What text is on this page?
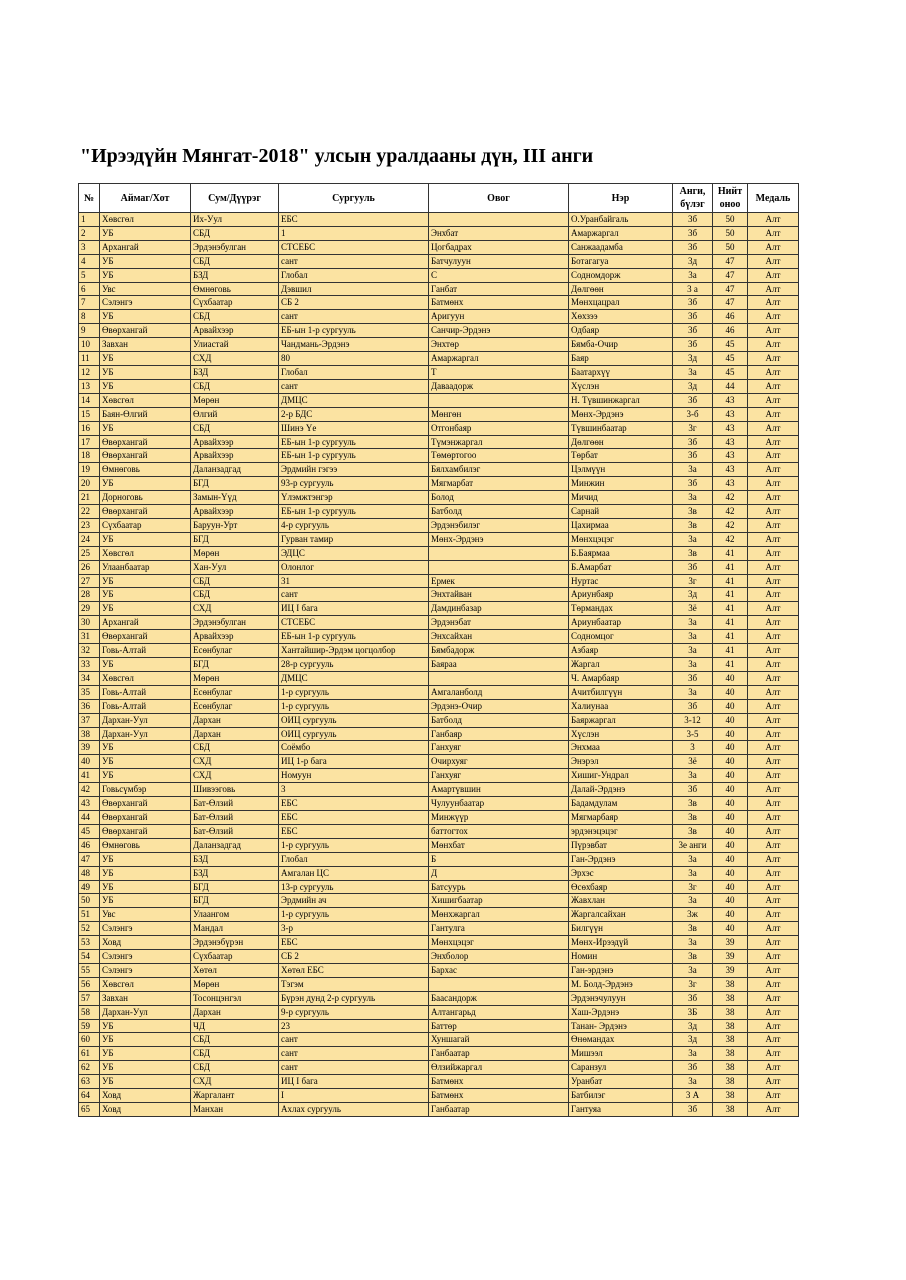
"Ирээдүйн Мянгат-2018" улсын уралдааны дүн, III анги
№	Аймаг/Хот	Сум/Дүүрэг	Сургууль	Овог	Нэр	Анги, бүлэг	Нийт оноо	Медаль
1	Хөвсгөл	Их-Уул	ЕБС		О.Уранбайгаль	3б	50	Алт
2	УБ	СБД	1	Энхбат	Амаржаргал	3б	50	Алт
3	Архангай	Эрдэнэбулган	СТСЕБС	Цогбадрах	Санжаадамба	3б	50	Алт
4	УБ	СБД	сант	Батчулуун	Ботагагуа	3д	47	Алт
5	УБ	БЗД	Глобал	С	Содномдорж	3а	47	Алт
6	Увс	Өмнөговь	Дэвшил	Ганбат	Дөлгөөн	3 а	47	Алт
7	Сэлэнгэ	Сүхбаатар	СБ 2	Батмөнх	Мөнхцацрал	3б	47	Алт
8	УБ	СБД	сант	Аригуун	Хөхзээ	3б	46	Алт
9	Өвөрхангай	Арвайхээр	ЕБ-ын 1-р сургууль	Санчир-Эрдэнэ	Одбаяр	3б	46	Алт
10	Завхан	Улиастай	Чандмань-Эрдэнэ	Энхтөр	Бямба-Очир	3б	45	Алт
11	УБ	СХД	80	Амаржаргал	Баяр	3д	45	Алт
12	УБ	БЗД	Глобал	Т	Баатархүү	3а	45	Алт
13	УБ	СБД	сант	Даваадорж	Хүслэн	3д	44	Алт
14	Хөвсгөл	Мөрөн	ДМЦС		Н. Түвшинжаргал	3б	43	Алт
15	Баян-Өлгий	Өлгий	2-р БДС	Мөнгөн	Мөнх-Эрдэнэ	3-б	43	Алт
16	УБ	СБД	Шинэ Үе	Отгонбаяр	Түвшинбаатар	3г	43	Алт
17	Өвөрхангай	Арвайхээр	ЕБ-ын 1-р сургууль	Түмэнжаргал	Дөлгөөн	3б	43	Алт
18	Өвөрхангай	Арвайхээр	ЕБ-ын 1-р сургууль	Төмөртогоо	Төрбат	3б	43	Алт
19	Өмнөговь	Даланзадгад	Эрдмийн гэгээ	Бялхамбилэг	Цэлмүүн	3а	43	Алт
20	УБ	БГД	93-р сургууль	Мягмарбат	Минжин	3б	43	Алт
21	Дорноговь	Замын-Үүд	Үлэмжтэнгэр	Болод	Мичид	3а	42	Алт
22	Өвөрхангай	Арвайхээр	ЕБ-ын 1-р сургууль	Батболд	Сарнай	3в	42	Алт
23	Сүхбаатар	Баруун-Урт	4-р сургууль	Эрдэнэбилэг	Цахирмаа	3в	42	Алт
24	УБ	БГД	Гурван тамир	Мөнх-Эрдэнэ	Мөнхцэцэг	3а	42	Алт
25	Хөвсгөл	Мөрөн	ЭДЦС		Б.Баярмаа	3в	41	Алт
26	Улаанбаатар	Хан-Уул	Олонлог		Б.Амарбат	3б	41	Алт
27	УБ	СБД	31	Ермек	Нуртас	3г	41	Алт
28	УБ	СБД	сант	Энхтайван	Ариунбаяр	3д	41	Алт
29	УБ	СХД	ИЦ I бага	Дамдинбазар	Төрмандах	3ё	41	Алт
30	Архангай	Эрдэнэбулган	СТСЕБС	Эрдэнэбат	Ариунбаатар	3а	41	Алт
31	Өвөрхангай	Арвайхээр	ЕБ-ын 1-р сургууль	Энхсайхан	Содномцог	3а	41	Алт
32	Говь-Алтай	Есөнбулаг	Хантайшир-Эрдэм цогцолбор	Бямбадорж	Азбаяр	3а	41	Алт
33	УБ	БГД	28-р сургууль	Баяраа	Жаргал	3а	41	Алт
34	Хөвсгөл	Мөрөн	ДМЦС		Ч. Амарбаяр	3б	40	Алт
35	Говь-Алтай	Есөнбулаг	1-р сургууль	Амгаланболд	Ачитбилгүүн	3а	40	Алт
36	Говь-Алтай	Есөнбулаг	1-р сургууль	Эрдэнэ-Очир	Халиунаа	3б	40	Алт
37	Дархан-Уул	Дархан	ОИЦ сургууль	Батболд	Баяржаргал	3-12	40	Алт
38	Дархан-Уул	Дархан	ОИЦ сургууль	Ганбаяр	Хүслэн	3-5	40	Алт
39	УБ	СБД	Соёмбо	Ганхуяг	Энхмаа	3	40	Алт
40	УБ	СХД	ИЦ 1-р бага	Очирхуяг	Энэрэл	3ё	40	Алт
41	УБ	СХД	Номуун	Ганхуяг	Хишиг-Ундрал	3а	40	Алт
42	Говьсүмбэр	Шивээговь	3	Амартүвшин	Далай-Эрдэнэ	3б	40	Алт
43	Өвөрхангай	Бат-Өлзий	ЕБС	Чулуунбаатар	Бадамдулам	3в	40	Алт
44	Өвөрхангай	Бат-Өлзий	ЕБС	Минжүүр	Мягмарбаяр	3в	40	Алт
45	Өвөрхангай	Бат-Өлзий	ЕБС	баттогтох	эрдэнэцэцэг	3в	40	Алт
46	Өмнөговь	Даланзадгад	1-р сургууль	Мөнхбат	Пүрэвбат	3е анги	40	Алт
47	УБ	БЗД	Глобал	Б	Ган-Эрдэнэ	3а	40	Алт
48	УБ	БЗД	Амгалан ЦС	Д	Эрхэс	3а	40	Алт
49	УБ	БГД	13-р сургууль	Батсуурь	Өсөхбаяр	3г	40	Алт
50	УБ	БГД	Эрдмийн ач	Хишигбаатар	Жавхлан	3а	40	Алт
51	Увс	Улаангом	1-р сургууль	Мөнхжаргал	Жаргалсайхан	3ж	40	Алт
52	Сэлэнгэ	Мандал	3-р	Гантулга	Билгүүн	3в	40	Алт
53	Ховд	Эрдэнэбүрэн	ЕБС	Мөнхцэцэг	Мөнх-Ирээдүй	3а	39	Алт
54	Сэлэнгэ	Сүхбаатар	СБ 2	Энхболор	Номин	3в	39	Алт
55	Сэлэнгэ	Хөтөл	Хөтөл ЕБС	Бархас	Ган-эрдэнэ	3а	39	Алт
56	Хөвсгөл	Мөрөн	Тэгэм		М. Болд-Эрдэнэ	3г	38	Алт
57	Завхан	Тосонцэнгэл	Бүрэн дунд 2-р сургууль	Баасандорж	Эрдэнэчулуун	3б	38	Алт
58	Дархан-Уул	Дархан	9-р сургууль	Алтангарьд	Хаш-Эрдэнэ	3Б	38	Алт
59	УБ	ЧД	23	Баттөр	Танан- Эрдэнэ	3д	38	Алт
60	УБ	СБД	сант	Хуншагай	Өнөмандах	3д	38	Алт
61	УБ	СБД	сант	Ганбаатар	Мишээл	3а	38	Алт
62	УБ	СБД	сант	Өлзийжаргал	Саранзул	3б	38	Алт
63	УБ	СХД	ИЦ I бага	Батмөнх	Уранбат	3а	38	Алт
64	Ховд	Жаргалант	I	Батмөнх	Батбилэг	3 А	38	Алт
65	Ховд	Манхан	Ахлах сургууль	Ганбаатар	Гантуяа	3б	38	Алт
